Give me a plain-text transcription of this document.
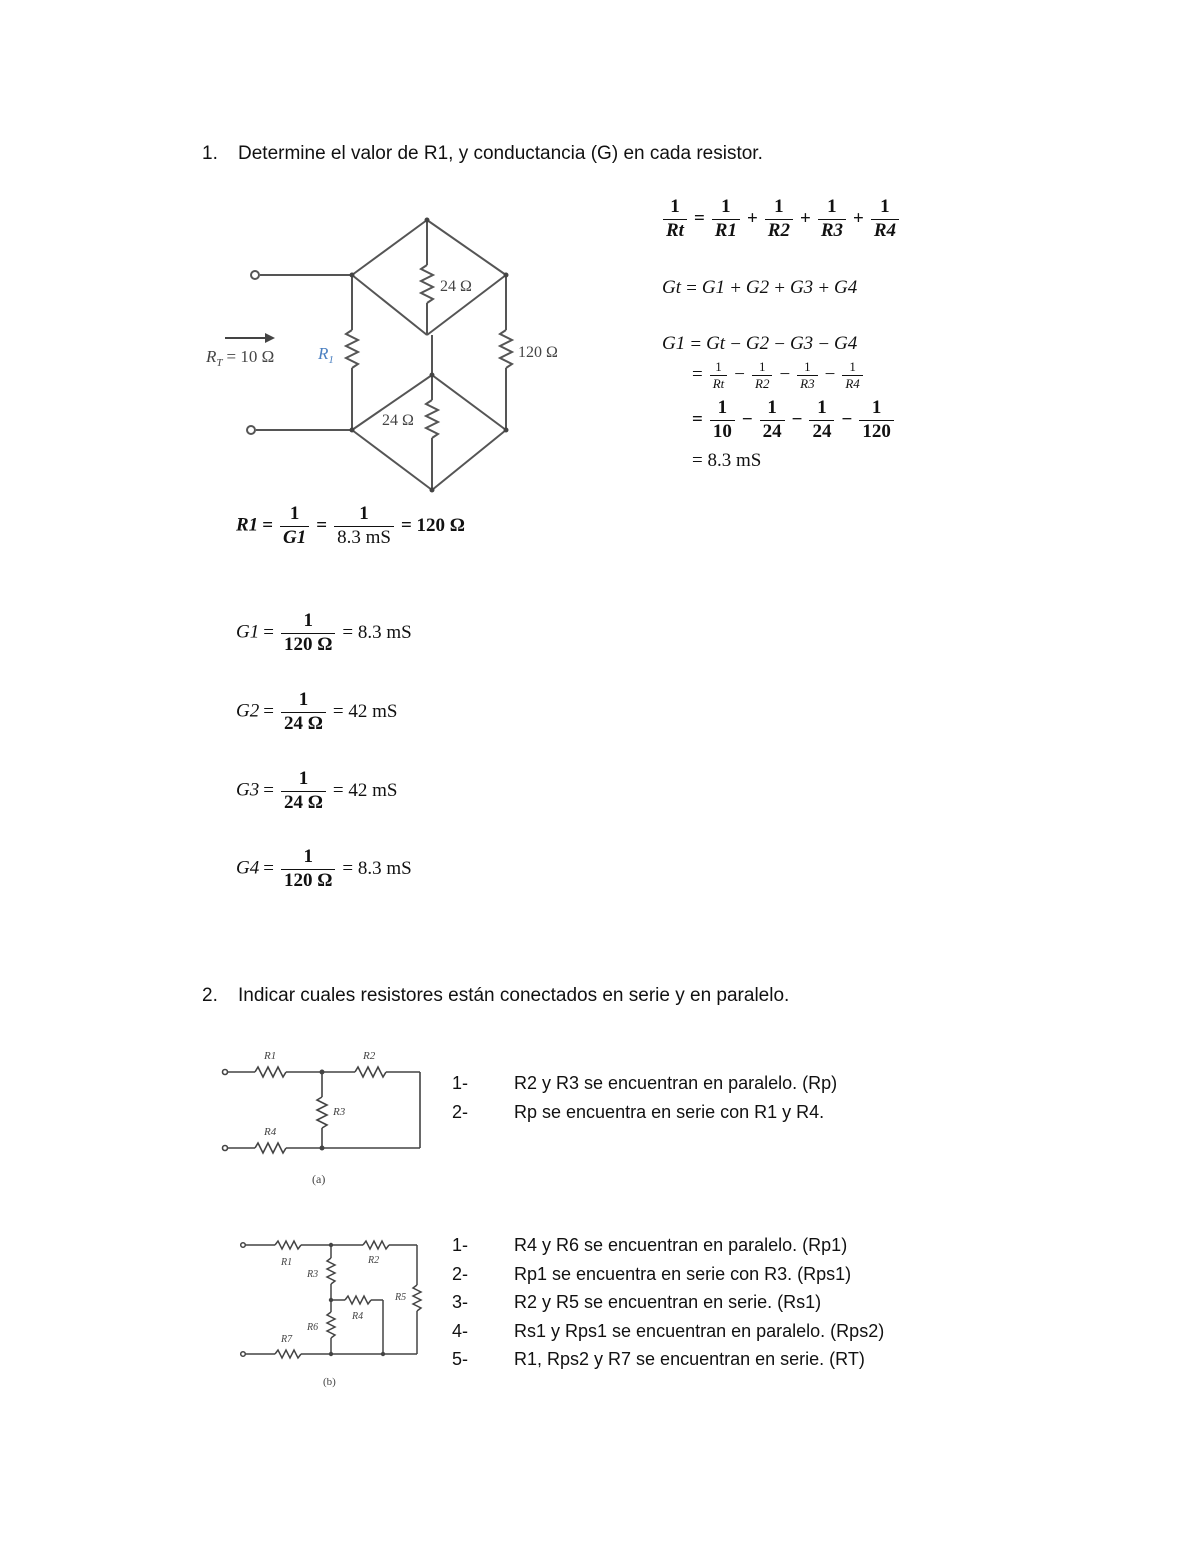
1. Determine el valor de R1, y conductancia (G) en cada resistor.
$R_T = 10$ Ω	$R_1$
24 Ω
120 Ω
24 Ω
$\frac{1}{Rt} = \frac{1}{R1} + \frac{1}{R2} + \frac{1}{R3} + \frac{1}{R4}$
Gt = G1 + G2 + G3 + G4
G1 = Gt − G2 − G3 − G4
= $\frac{1}{Rt} - \frac{1}{R2} - \frac{1}{R3} - \frac{1}{R4}$
= $\frac{1}{10} - \frac{1}{24} - \frac{1}{24} - \frac{1}{120}$
= 8.3 mS
$R1 = \frac{1}{G1} = \frac{1}{8.3 mS} = 120$ Ω
$G1 = \frac{1}{120 \Omega} = 8.3$ mS
$G2 = \frac{1}{24 \Omega} = 42$ mS
$G3 = \frac{1}{24 \Omega} = 42$ mS
$G4 = \frac{1}{120 \Omega} = 8.3$ mS
2. Indicar cuales resistores están conectados en serie y en paralelo.
R1	R2
R3
R4
(a)
1-	R2 y R3 se encuentran en paralelo. (Rp)
2-	Rp se encuentra en serie con R1 y R4.
R1	R2
R3
R4
R5
R6
R7
(b)
1-	R4 y R6 se encuentran en paralelo. (Rp1)
2-	Rp1 se encuentra en serie con R3. (Rps1)
3-	R2 y R5 se encuentran en serie. (Rs1)
4-	Rs1 y Rps1 se encuentran en paralelo. (Rps2)
5-	R1, Rps2 y R7 se encuentran en serie. (RT)
